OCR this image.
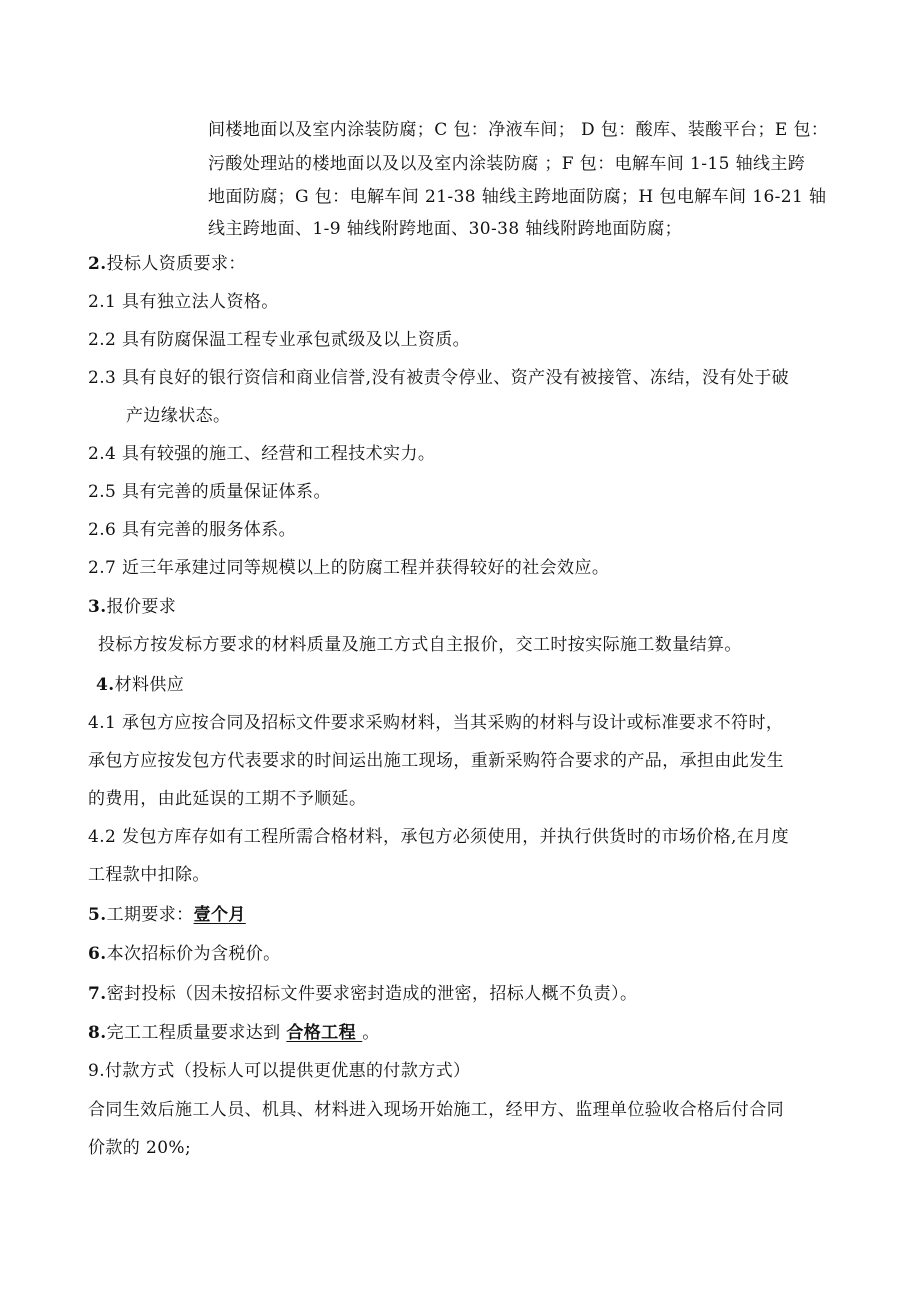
间楼地面以及室内涂装防腐；C 包：净液车间； D 包：酸库、装酸平台；E 包：

污酸处理站的楼地面以及以及室内涂装防腐 ；F 包：电解车间 1-15 轴线主跨

地面防腐；G 包：电解车间 21-38 轴线主跨地面防腐；H 包电解车间 16-21 轴

线主跨地面、1-9 轴线附跨地面、30-38 轴线附跨地面防腐；

2.投标人资质要求：

2.1 具有独立法人资格。

2.2 具有防腐保温工程专业承包贰级及以上资质。

2.3 具有良好的银行资信和商业信誉,没有被责令停业、资产没有被接管、冻结，没有处于破

产边缘状态。

2.4 具有较强的施工、经营和工程技术实力。

2.5 具有完善的质量保证体系。

2.6 具有完善的服务体系。

2.7 近三年承建过同等规模以上的防腐工程并获得较好的社会效应。

3.报价要求

投标方按发标方要求的材料质量及施工方式自主报价，交工时按实际施工数量结算。

4.材料供应

4.1 承包方应按合同及招标文件要求采购材料，当其采购的材料与设计或标准要求不符时，

承包方应按发包方代表要求的时间运出施工现场，重新采购符合要求的产品，承担由此发生

的费用，由此延误的工期不予顺延。

4.2 发包方库存如有工程所需合格材料，承包方必须使用，并执行供货时的市场价格,在月度

工程款中扣除。

5.工期要求：壹个月

6.本次招标价为含税价。

7.密封投标（因未按招标文件要求密封造成的泄密，招标人概不负责）。

8.完工工程质量要求达到 合格工程 。

9.付款方式（投标人可以提供更优惠的付款方式）

合同生效后施工人员、机具、材料进入现场开始施工，经甲方、监理单位验收合格后付合同

价款的 20%;
